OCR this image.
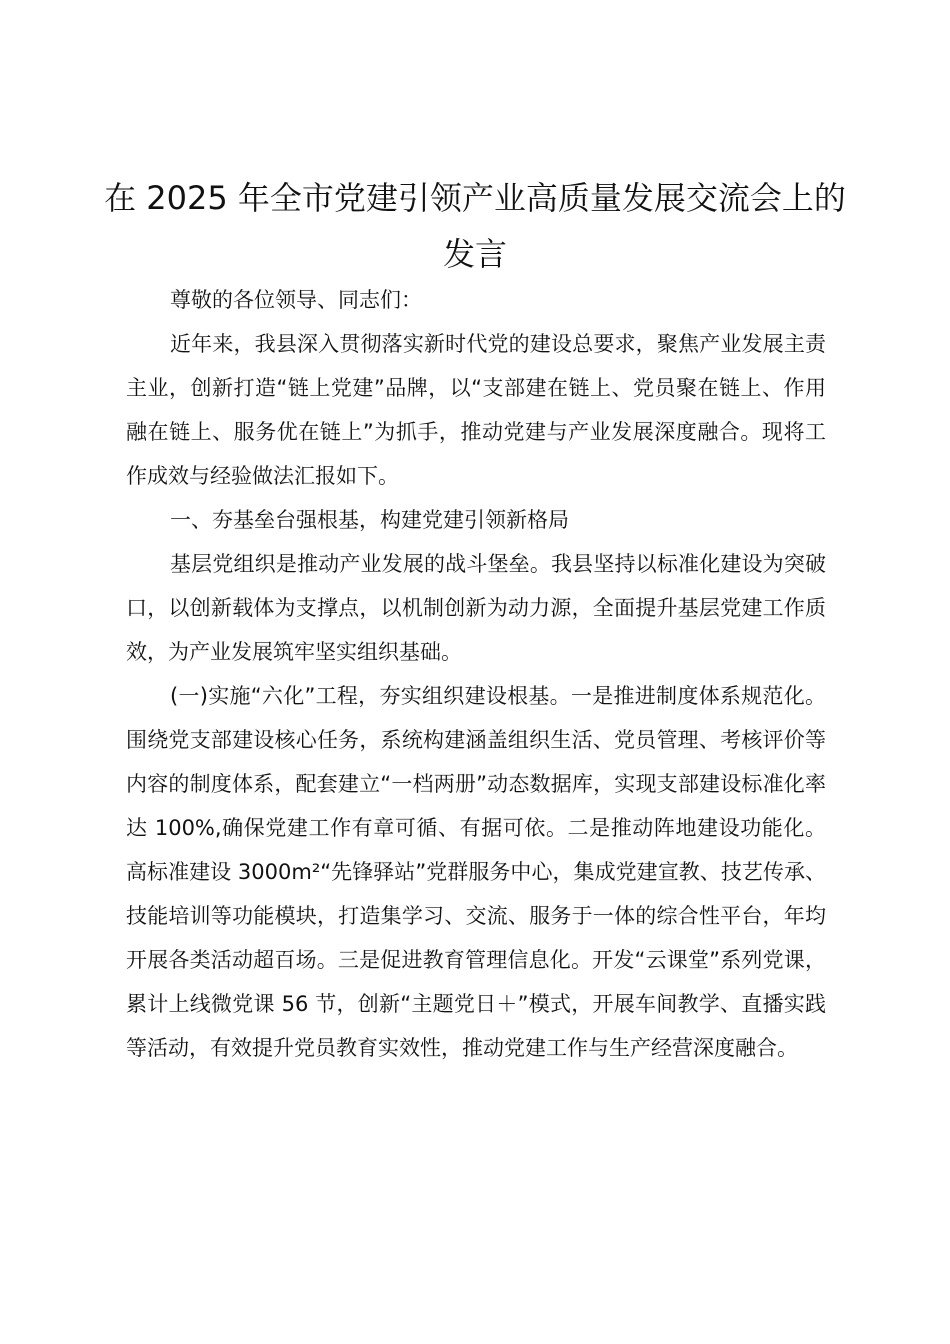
在 2025 年全市党建引领产业高质量发展交流会上的发言

尊敬的各位领导、同志们：

近年来，我县深入贯彻落实新时代党的建设总要求，聚焦产业发展主责主业，创新打造“链上党建”品牌，以“支部建在链上、党员聚在链上、作用融在链上、服务优在链上”为抓手，推动党建与产业发展深度融合。现将工作成效与经验做法汇报如下。

一、夯基垒台强根基，构建党建引领新格局

基层党组织是推动产业发展的战斗堡垒。我县坚持以标准化建设为突破口，以创新载体为支撑点，以机制创新为动力源，全面提升基层党建工作质效，为产业发展筑牢坚实组织基础。

(一)实施“六化”工程，夯实组织建设根基。一是推进制度体系规范化。围绕党支部建设核心任务，系统构建涵盖组织生活、党员管理、考核评价等内容的制度体系，配套建立“一档两册”动态数据库，实现支部建设标准化率达 100%,确保党建工作有章可循、有据可依。二是推动阵地建设功能化。高标准建设 3000m²“先锋驿站”党群服务中心，集成党建宣教、技艺传承、技能培训等功能模块，打造集学习、交流、服务于一体的综合性平台，年均开展各类活动超百场。三是促进教育管理信息化。开发“云课堂”系列党课，累计上线微党课 56 节，创新“主题党日＋”模式，开展车间教学、直播实践等活动，有效提升党员教育实效性，推动党建工作与生产经营深度融合。
